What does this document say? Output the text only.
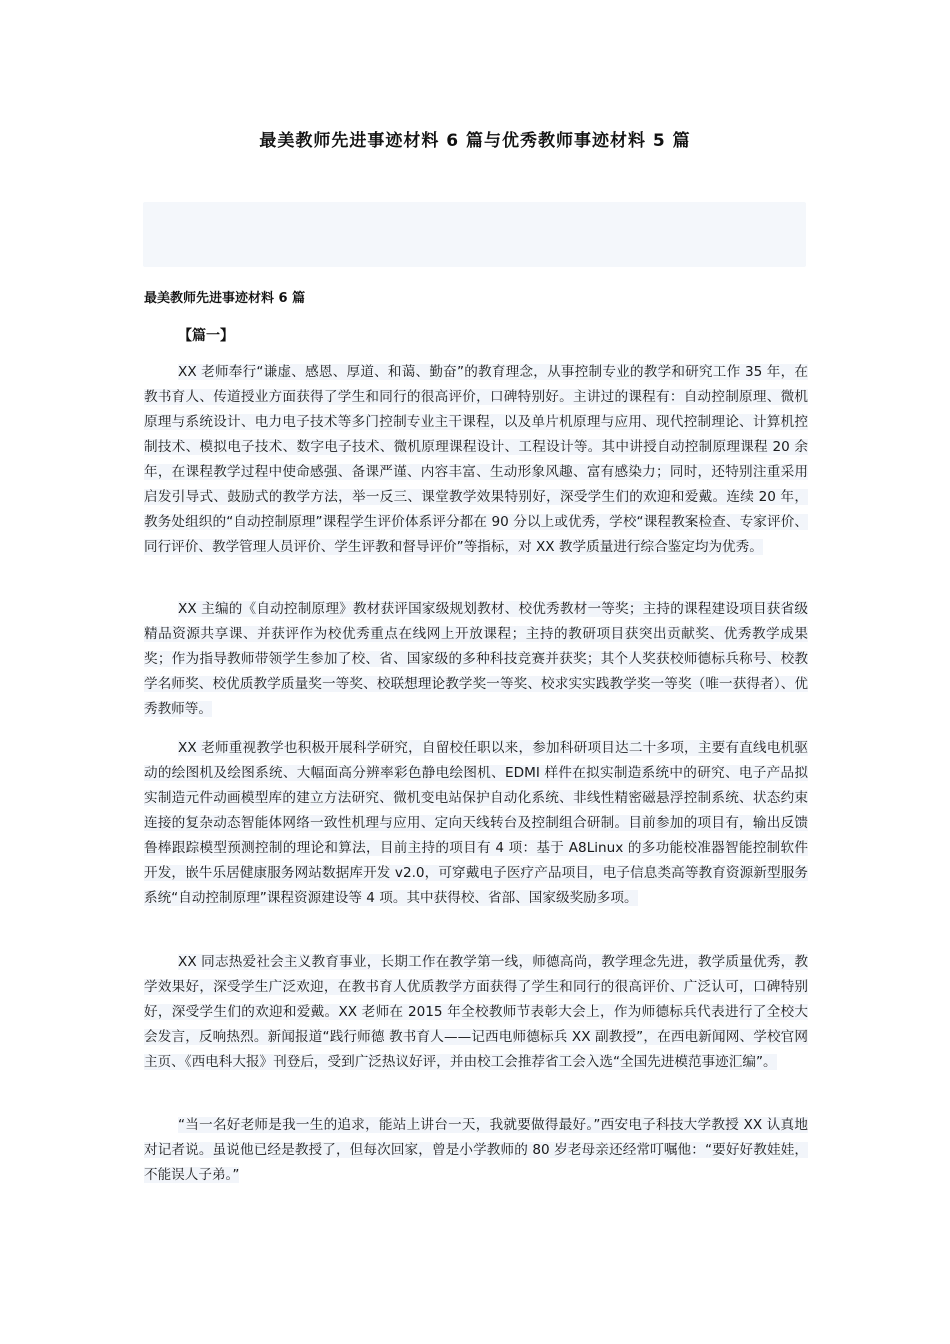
最美教师先进事迹材料 6 篇与优秀教师事迹材料 5 篇
最美教师先进事迹材料 6 篇
【篇一】

XX 老师奉行“谦虚、感恩、厚道、和蔼、勤奋”的教育理念，从事控制专业的教学和研究工作 35 年，在教书育人、传道授业方面获得了学生和同行的很高评价，口碑特别好。主讲过的课程有：自动控制原理、微机原理与系统设计、电力电子技术等多门控制专业主干课程，以及单片机原理与应用、现代控制理论、计算机控制技术、模拟电子技术、数字电子技术、微机原理课程设计、工程设计等。其中讲授自动控制原理课程 20 余年，在课程教学过程中使命感强、备课严谨、内容丰富、生动形象风趣、富有感染力；同时，还特别注重采用启发引导式、鼓励式的教学方法，举一反三、课堂教学效果特别好，深受学生们的欢迎和爱戴。连续 20 年，教务处组织的“自动控制原理”课程学生评价体系评分都在 90 分以上或优秀，学校“课程教案检查、专家评价、同行评价、教学管理人员评价、学生评教和督导评价”等指标，对 XX 教学质量进行综合鉴定均为优秀。

XX 主编的《自动控制原理》教材获评国家级规划教材、校优秀教材一等奖；主持的课程建设项目获省级精品资源共享课、并获评作为校优秀重点在线网上开放课程；主持的教研项目获突出贡献奖、优秀教学成果奖；作为指导教师带领学生参加了校、省、国家级的多种科技竞赛并获奖；其个人奖获校师德标兵称号、校教学名师奖、校优质教学质量奖一等奖、校联想理论教学奖一等奖、校求实实践教学奖一等奖（唯一获得者）、优秀教师等。

XX 老师重视教学也积极开展科学研究，自留校任职以来，参加科研项目达二十多项，主要有直线电机驱动的绘图机及绘图系统、大幅面高分辨率彩色静电绘图机、EDMI 样件在拟实制造系统中的研究、电子产品拟实制造元件动画模型库的建立方法研究、微机变电站保护自动化系统、非线性精密磁悬浮控制系统、状态约束连接的复杂动态智能体网络一致性机理与应用、定向天线转台及控制组合研制。目前参加的项目有，输出反馈鲁棒跟踪模型预测控制的理论和算法，目前主持的项目有 4 项：基于 A8Linux 的多功能校准器智能控制软件开发，嵌牛乐居健康服务网站数据库开发 v2.0，可穿戴电子医疗产品项目，电子信息类高等教育资源新型服务系统“自动控制原理”课程资源建设等 4 项。其中获得校、省部、国家级奖励多项。

XX 同志热爱社会主义教育事业，长期工作在教学第一线，师德高尚，教学理念先进，教学质量优秀，教学效果好，深受学生广泛欢迎，在教书育人优质教学方面获得了学生和同行的很高评价、广泛认可，口碑特别好，深受学生们的欢迎和爱戴。XX 老师在 2015 年全校教师节表彰大会上，作为师德标兵代表进行了全校大会发言，反响热烈。新闻报道“践行师德 教书育人——记西电师德标兵 XX 副教授”，在西电新闻网、学校官网主页、《西电科大报》刊登后，受到广泛热议好评，并由校工会推荐省工会入选“全国先进模范事迹汇编”。

“当一名好老师是我一生的追求，能站上讲台一天，我就要做得最好。”西安电子科技大学教授 XX 认真地对记者说。虽说他已经是教授了，但每次回家，曾是小学教师的 80 岁老母亲还经常叮嘱他：“要好好教娃娃，不能误人子弟。”
